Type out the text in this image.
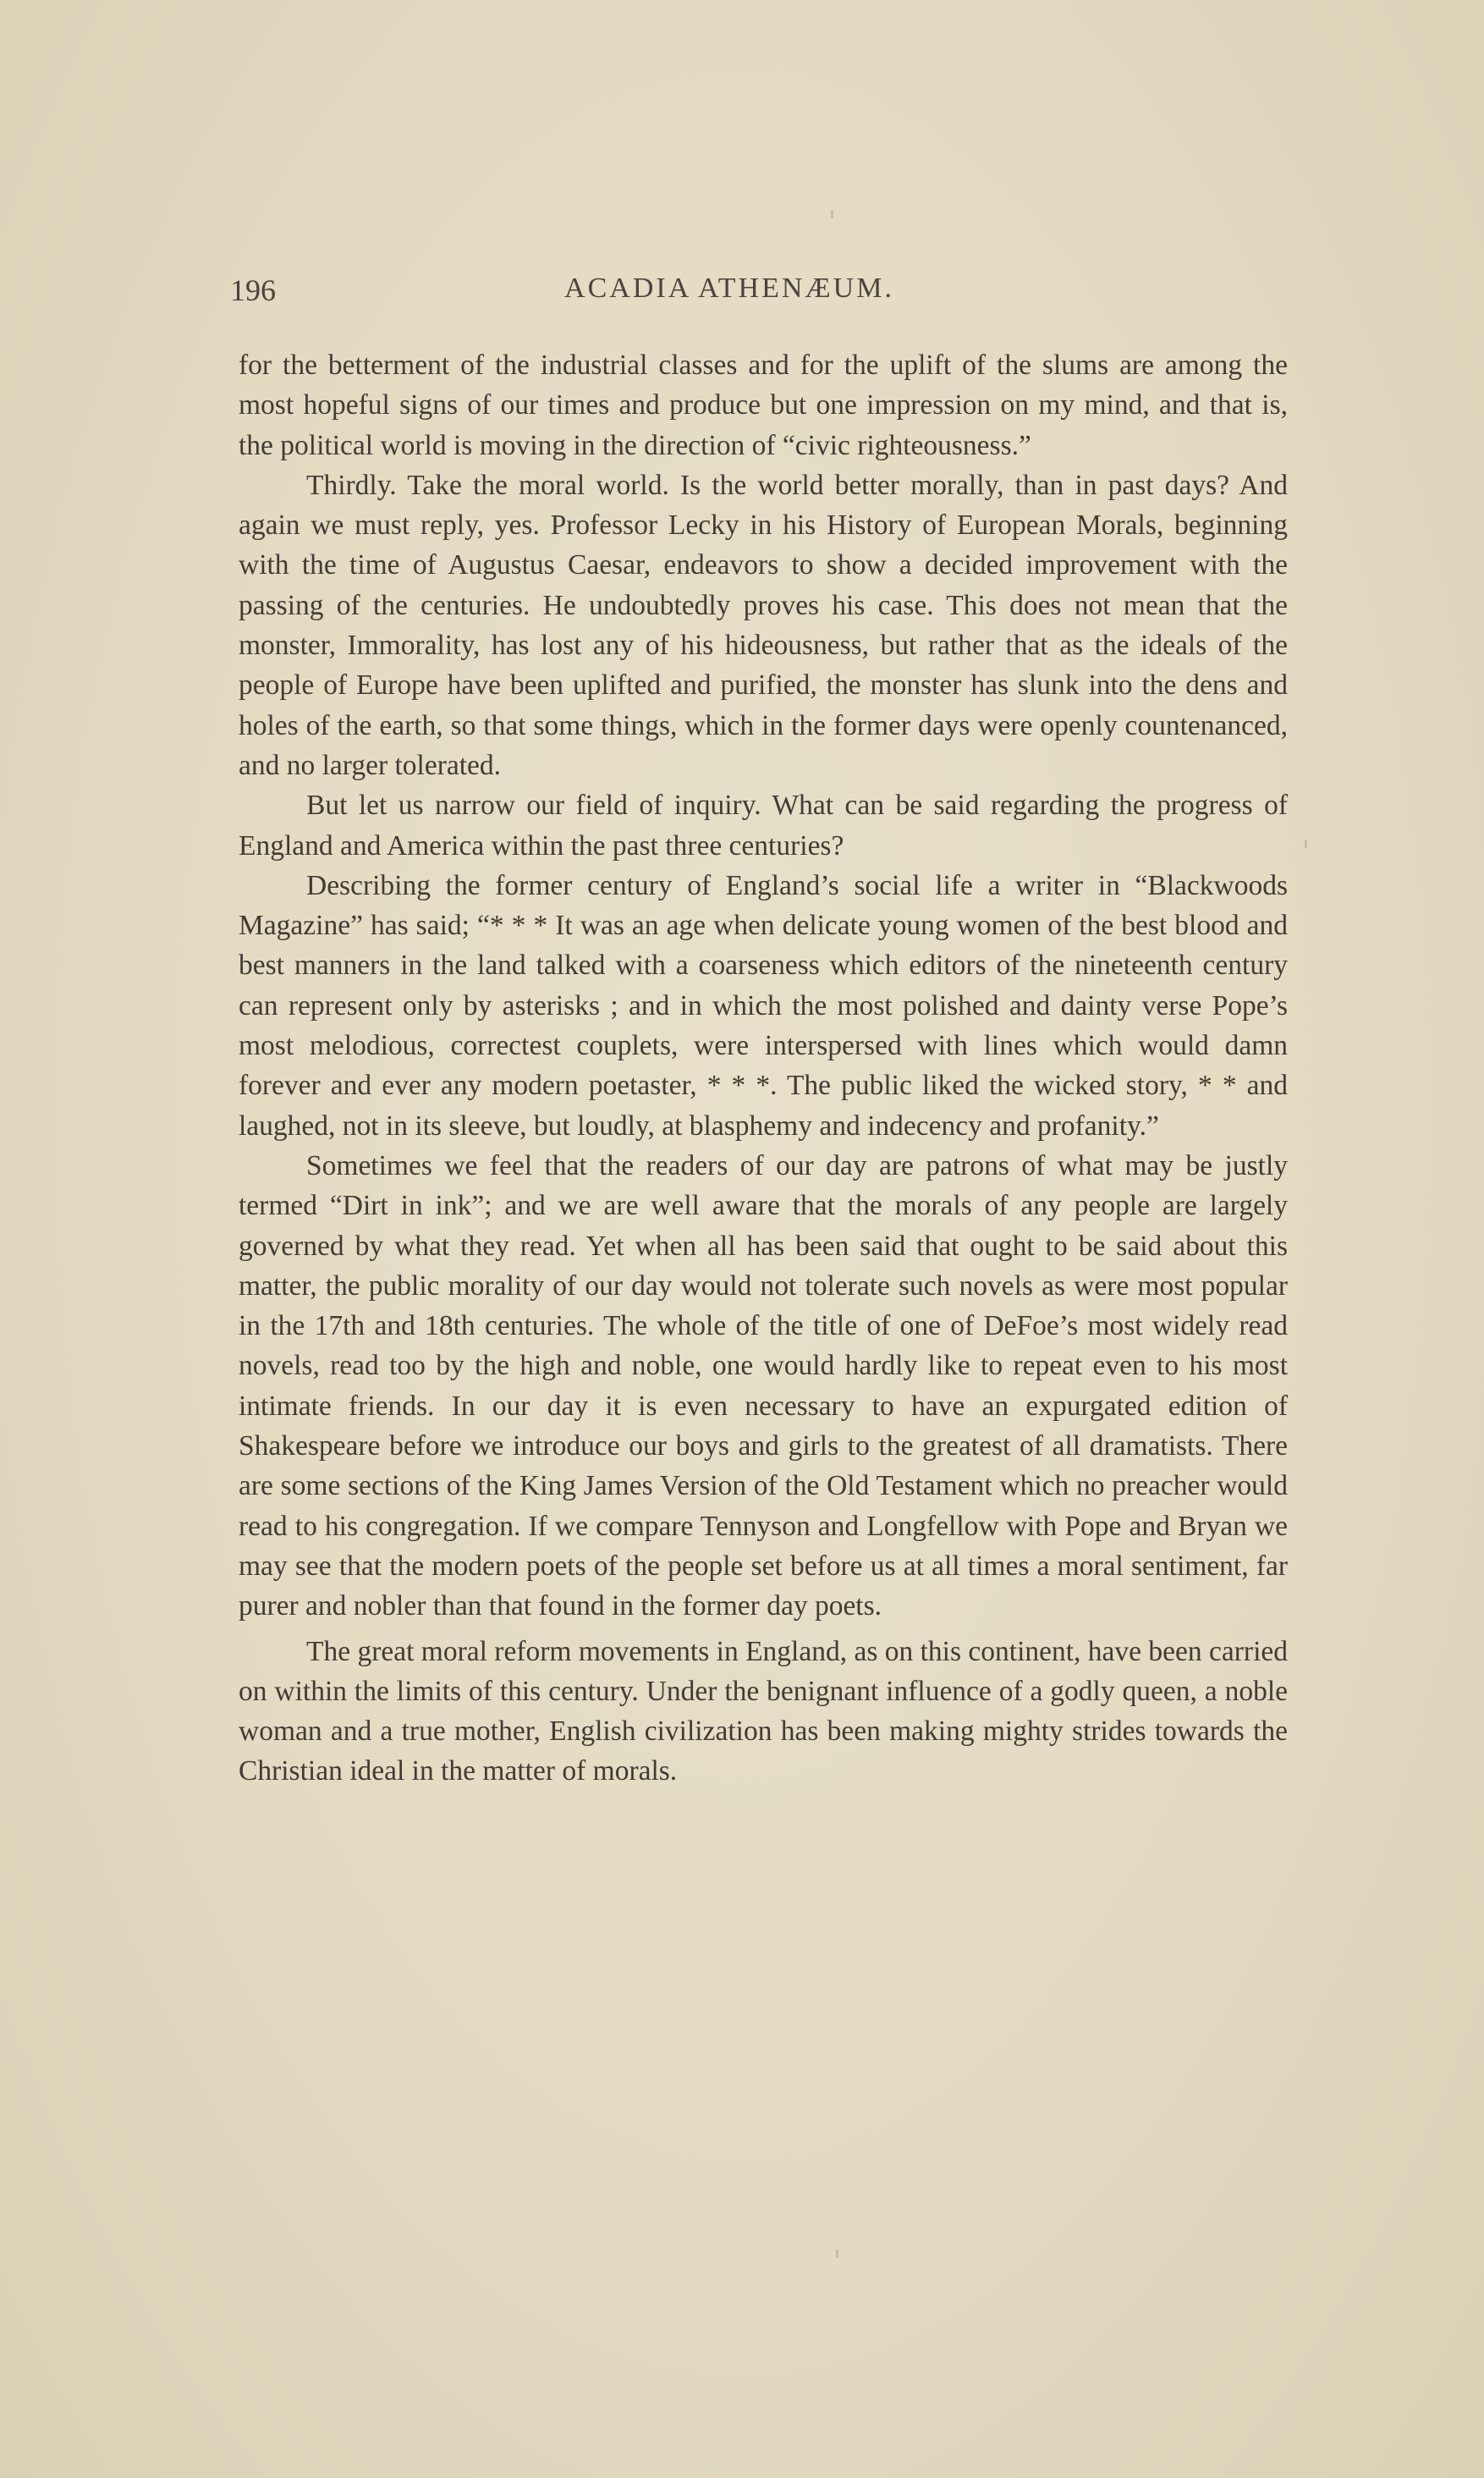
196	ACADIA ATHENÆUM.

for the betterment of the industrial classes and for the uplift of the slums are among the most hopeful signs of our times and produce but one impression on my mind, and that is, the political world is moving in the direction of “civic righteousness.”

Thirdly. Take the moral world. Is the world better morally, than in past days? And again we must reply, yes. Professor Lecky in his History of European Morals, beginning with the time of Augustus Caesar, endeavors to show a decided improvement with the passing of the centuries. He undoubtedly proves his case. This does not mean that the monster, Immorality, has lost any of his hideousness, but rather that as the ideals of the people of Europe have been uplifted and purified, the monster has slunk into the dens and holes of the earth, so that some things, which in the former days were openly countenanced, and no larger tolerated.

But let us narrow our field of inquiry. What can be said regarding the progress of England and America within the past three centuries?

Describing the former century of England’s social life a writer in “Blackwoods Magazine” has said; “* * * It was an age when delicate young women of the best blood and best manners in the land talked with a coarseness which editors of the nineteenth century can represent only by asterisks ; and in which the most polished and dainty verse Pope’s most melodious, correctest couplets, were interspersed with lines which would damn forever and ever any modern poetaster, * * *. The public liked the wicked story, * * and laughed, not in its sleeve, but loudly, at blasphemy and indecency and profanity.”

Sometimes we feel that the readers of our day are patrons of what may be justly termed “Dirt in ink”; and we are well aware that the morals of any people are largely governed by what they read. Yet when all has been said that ought to be said about this matter, the public morality of our day would not tolerate such novels as were most popular in the 17th and 18th centuries. The whole of the title of one of DeFoe’s most widely read novels, read too by the high and noble, one would hardly like to repeat even to his most intimate friends. In our day it is even necessary to have an expurgated edition of Shakespeare before we introduce our boys and girls to the greatest of all dramatists. There are some sections of the King James Version of the Old Testament which no preacher would read to his congregation. If we compare Tennyson and Longfellow with Pope and Bryan we may see that the modern poets of the people set before us at all times a moral sentiment, far purer and nobler than that found in the former day poets.

The great moral reform movements in England, as on this continent, have been carried on within the limits of this century. Under the benignant influence of a godly queen, a noble woman and a true mother, English civilization has been making mighty strides towards the Christian ideal in the matter of morals.
